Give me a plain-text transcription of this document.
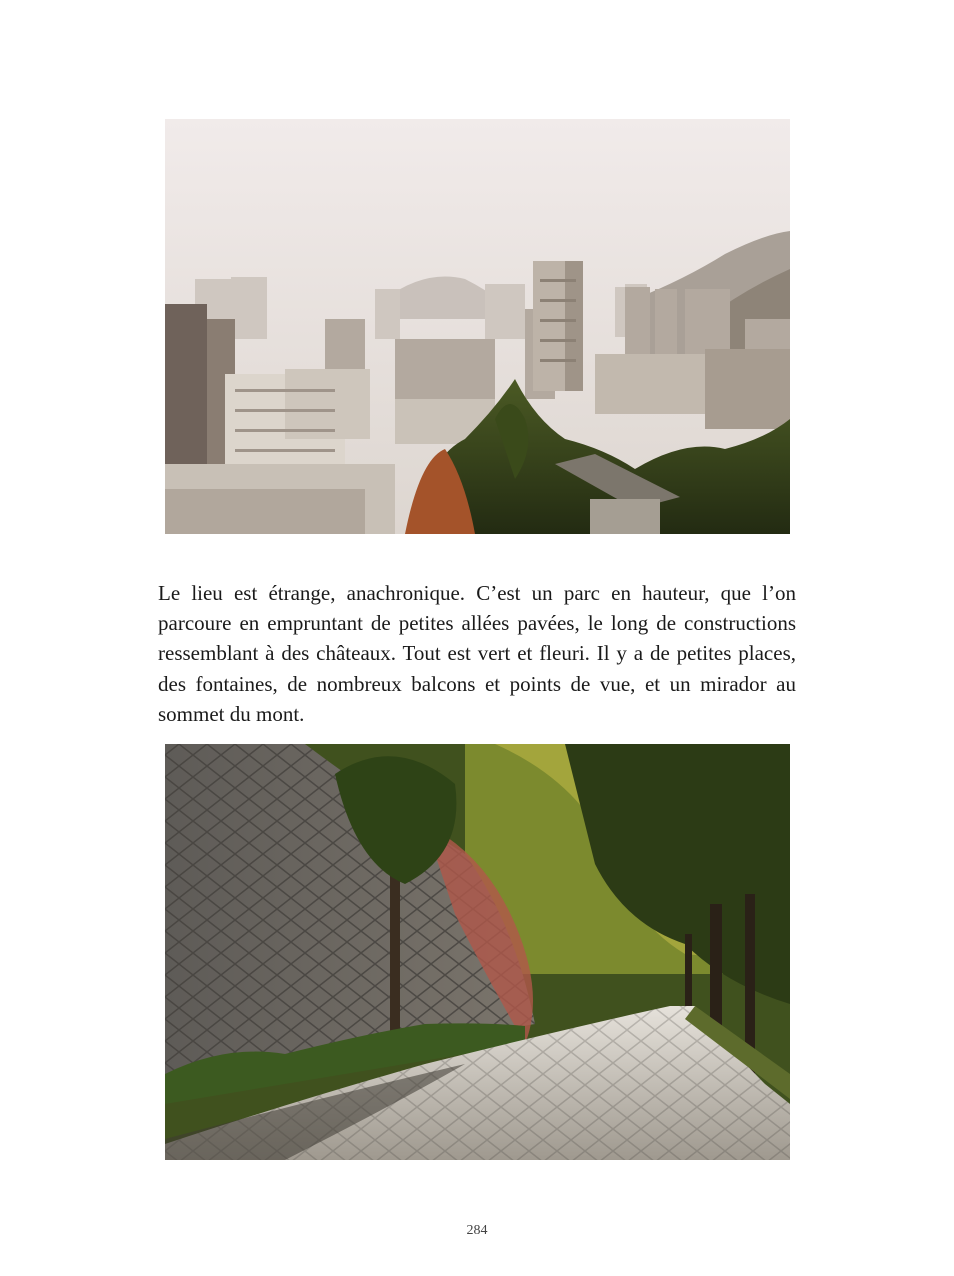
Le lieu est étrange, anachronique. C’est un parc en hauteur, que l’on parcoure en empruntant de petites allées pavées, le long de constructions ressemblant à des châteaux. Tout est vert et fleuri. Il y a de petites places, des fontaines, de nombreux balcons et points de vue, et un mirador au sommet du mont.

284
